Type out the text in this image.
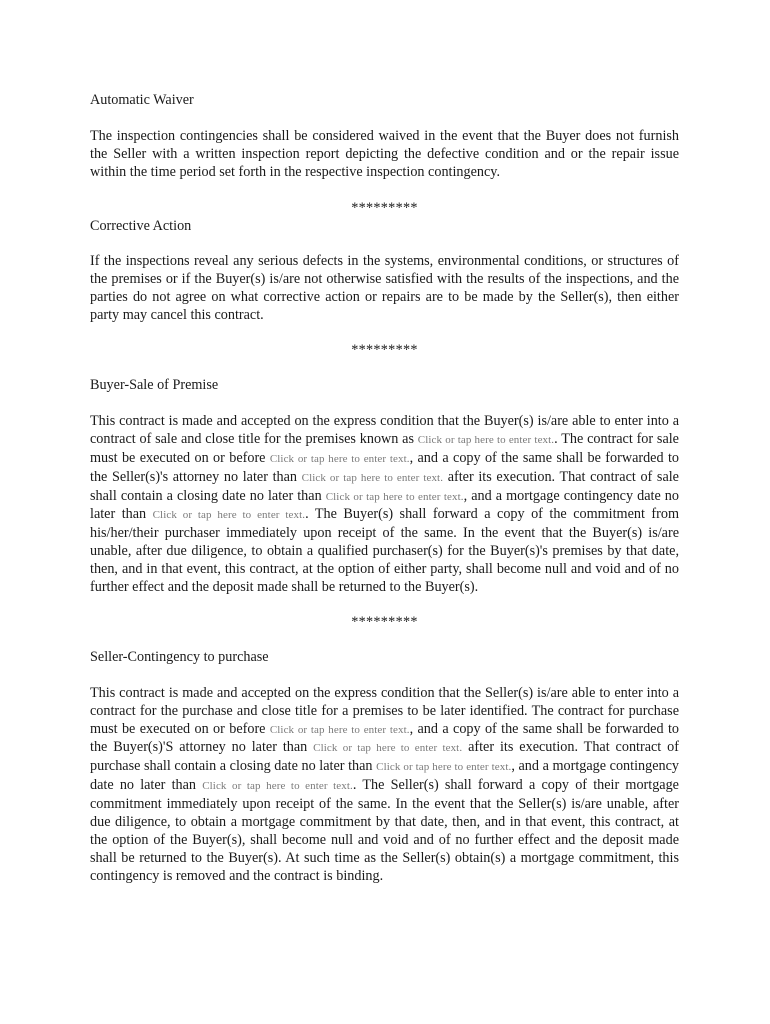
Automatic Waiver

The inspection contingencies shall be considered waived in the event that the Buyer does not furnish the Seller with a written inspection report depicting the defective condition and or the repair issue within the time period set forth in the respective inspection contingency.

*********

Corrective Action

If the inspections reveal any serious defects in the systems, environmental conditions, or structures of the premises or if the Buyer(s) is/are not otherwise satisfied with the results of the inspections, and the parties do not agree on what corrective action or repairs are to be made by the Seller(s), then either party may cancel this contract.

*********

Buyer-Sale of Premise

This contract is made and accepted on the express condition that the Buyer(s) is/are able to enter into a contract of sale and close title for the premises known as Click or tap here to enter text.. The contract for sale must be executed on or before Click or tap here to enter text., and a copy of the same shall be forwarded to the Seller(s)'s attorney no later than Click or tap here to enter text. after its execution. That contract of sale shall contain a closing date no later than Click or tap here to enter text., and a mortgage contingency date no later than Click or tap here to enter text.. The Buyer(s) shall forward a copy of the commitment from his/her/their purchaser immediately upon receipt of the same. In the event that the Buyer(s) is/are unable, after due diligence, to obtain a qualified purchaser(s) for the Buyer(s)'s premises by that date, then, and in that event, this contract, at the option of either party, shall become null and void and of no further effect and the deposit made shall be returned to the Buyer(s).

*********

Seller-Contingency to purchase

This contract is made and accepted on the express condition that the Seller(s) is/are able to enter into a contract for the purchase and close title for a premises to be later identified. The contract for purchase must be executed on or before Click or tap here to enter text., and a copy of the same shall be forwarded to the Buyer(s)'S attorney no later than Click or tap here to enter text. after its execution. That contract of purchase shall contain a closing date no later than Click or tap here to enter text., and a mortgage contingency date no later than Click or tap here to enter text.. The Seller(s) shall forward a copy of their mortgage commitment immediately upon receipt of the same. In the event that the Seller(s) is/are unable, after due diligence, to obtain a mortgage commitment by that date, then, and in that event, this contract, at the option of the Buyer(s), shall become null and void and of no further effect and the deposit made shall be returned to the Buyer(s). At such time as the Seller(s) obtain(s) a mortgage commitment, this contingency is removed and the contract is binding.
